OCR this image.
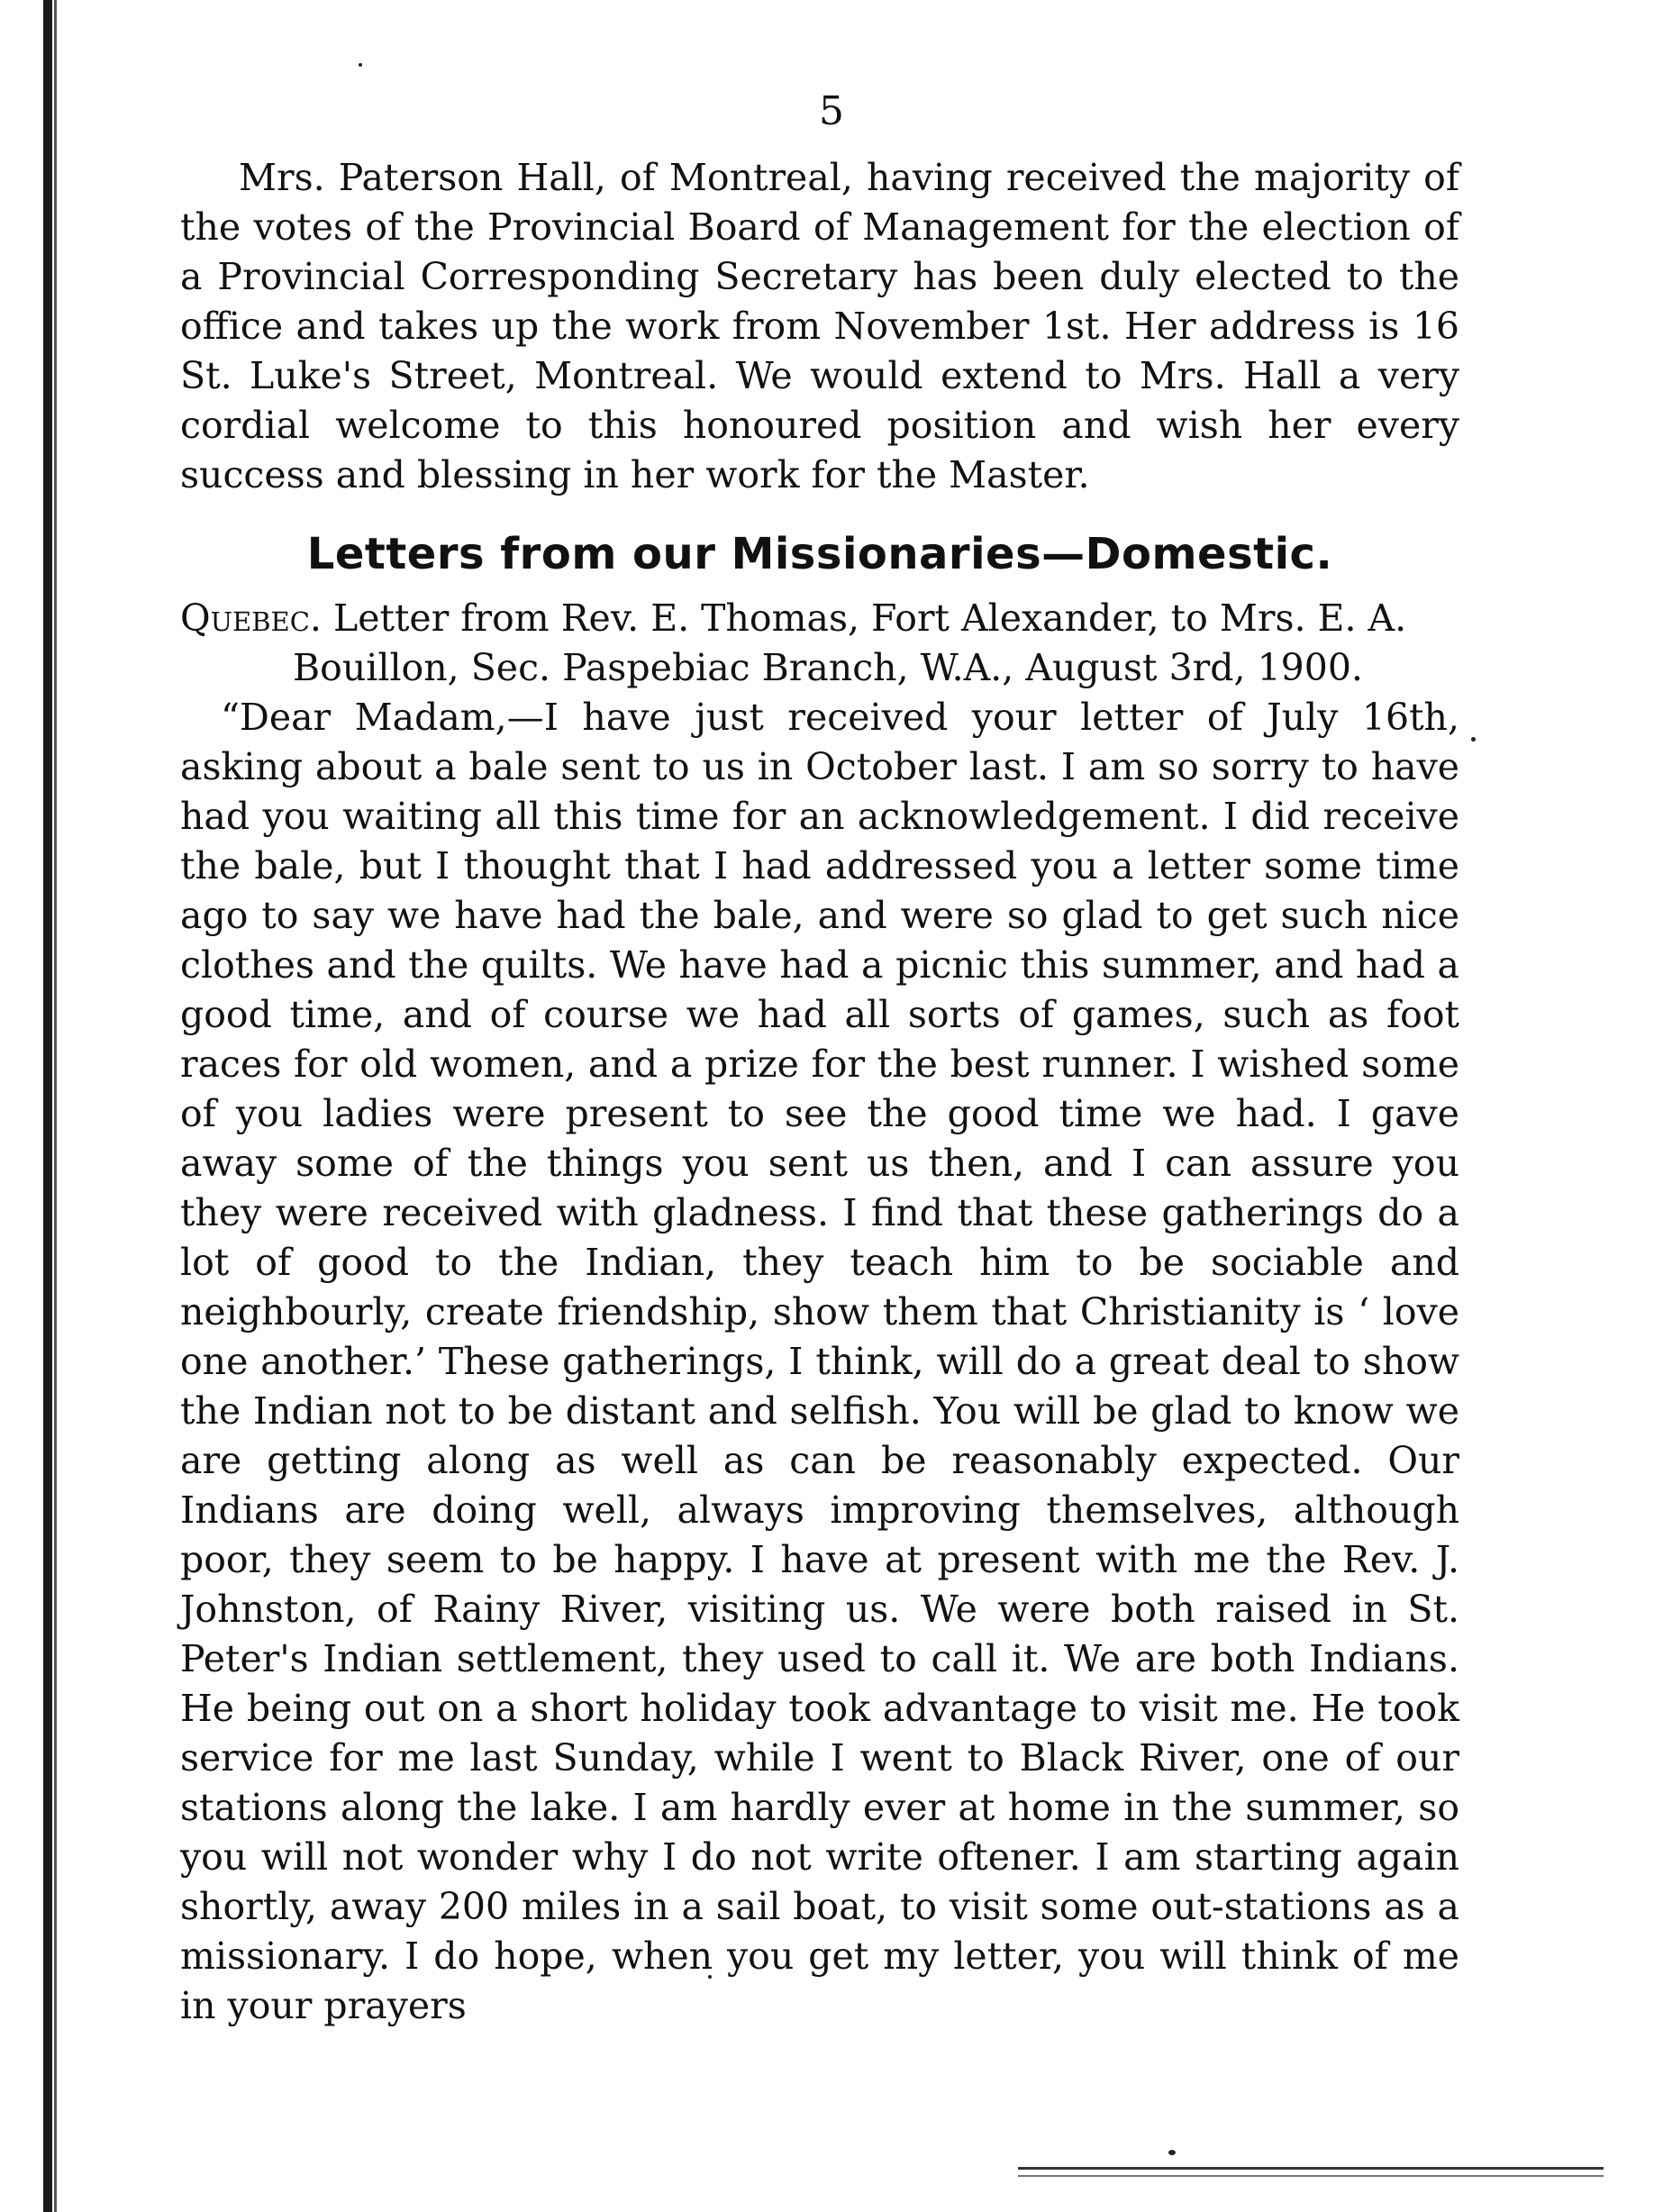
5

Mrs. Paterson Hall, of Montreal, having received the majority of the votes of the Provincial Board of Management for the election of a Provincial Corresponding Secretary has been duly elected to the office and takes up the work from November 1st. Her address is 16 St. Luke's Street, Montreal. We would extend to Mrs. Hall a very cordial welcome to this honoured position and wish her every success and blessing in her work for the Master.

Letters from our Missionaries—Domestic.

Quebec. Letter from Rev. E. Thomas, Fort Alexander, to Mrs. E. A. Bouillon, Sec. Paspebiac Branch, W.A., August 3rd, 1900.

“Dear Madam,—I have just received your letter of July 16th, asking about a bale sent to us in October last. I am so sorry to have had you waiting all this time for an acknowledgement. I did receive the bale, but I thought that I had addressed you a letter some time ago to say we have had the bale, and were so glad to get such nice clothes and the quilts. We have had a picnic this summer, and had a good time, and of course we had all sorts of games, such as foot races for old women, and a prize for the best runner. I wished some of you ladies were present to see the good time we had. I gave away some of the things you sent us then, and I can assure you they were received with gladness. I find that these gatherings do a lot of good to the Indian, they teach him to be sociable and neighbourly, create friendship, show them that Christianity is ‘ love one another.’ These gatherings, I think, will do a great deal to show the Indian not to be distant and selfish. You will be glad to know we are getting along as well as can be reasonably expected. Our Indians are doing well, always improving themselves, although poor, they seem to be happy. I have at present with me the Rev. J. Johnston, of Rainy River, visiting us. We were both raised in St. Peter's Indian settlement, they used to call it. We are both Indians. He being out on a short holiday took advantage to visit me. He took service for me last Sunday, while I went to Black River, one of our stations along the lake. I am hardly ever at home in the summer, so you will not wonder why I do not write oftener. I am starting again shortly, away 200 miles in a sail boat, to visit some out-stations as a missionary. I do hope, when you get my letter, you will think of me in your prayers
